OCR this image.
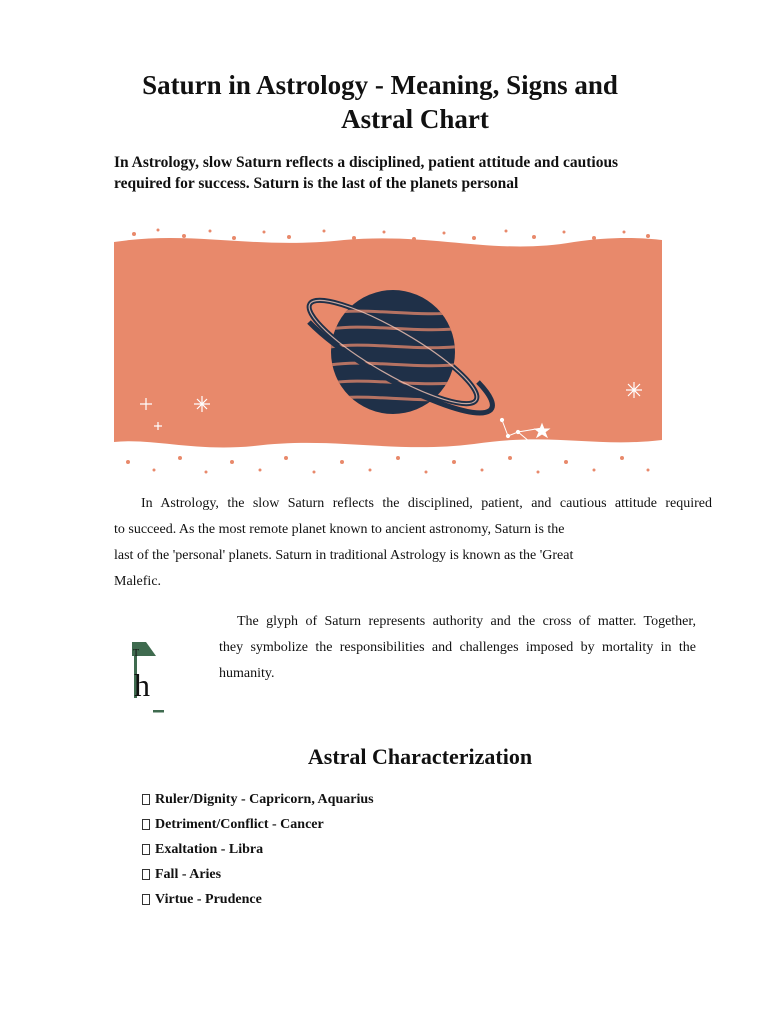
Saturn in Astrology - Meaning, Signs and
Astral Chart

In Astrology, slow Saturn reflects a disciplined, patient attitude and cautious required for success. Saturn is the last of the planets personal

In Astrology, the slow Saturn reflects the disciplined, patient, and cautious attitude required
to succeed. As the most remote planet known to ancient astronomy, Saturn is the
last of the 'personal' planets. Saturn in traditional Astrology is known as the 'Great
Malefic.

T
h

The glyph of Saturn represents authority and the cross of matter. Together,
they symbolize the responsibilities and challenges imposed by mortality in the
humanity.

Astral Characterization
Ruler/Dignity - Capricorn, Aquarius
Detriment/Conflict - Cancer
Exaltation - Libra
Fall - Aries
Virtue - Prudence
